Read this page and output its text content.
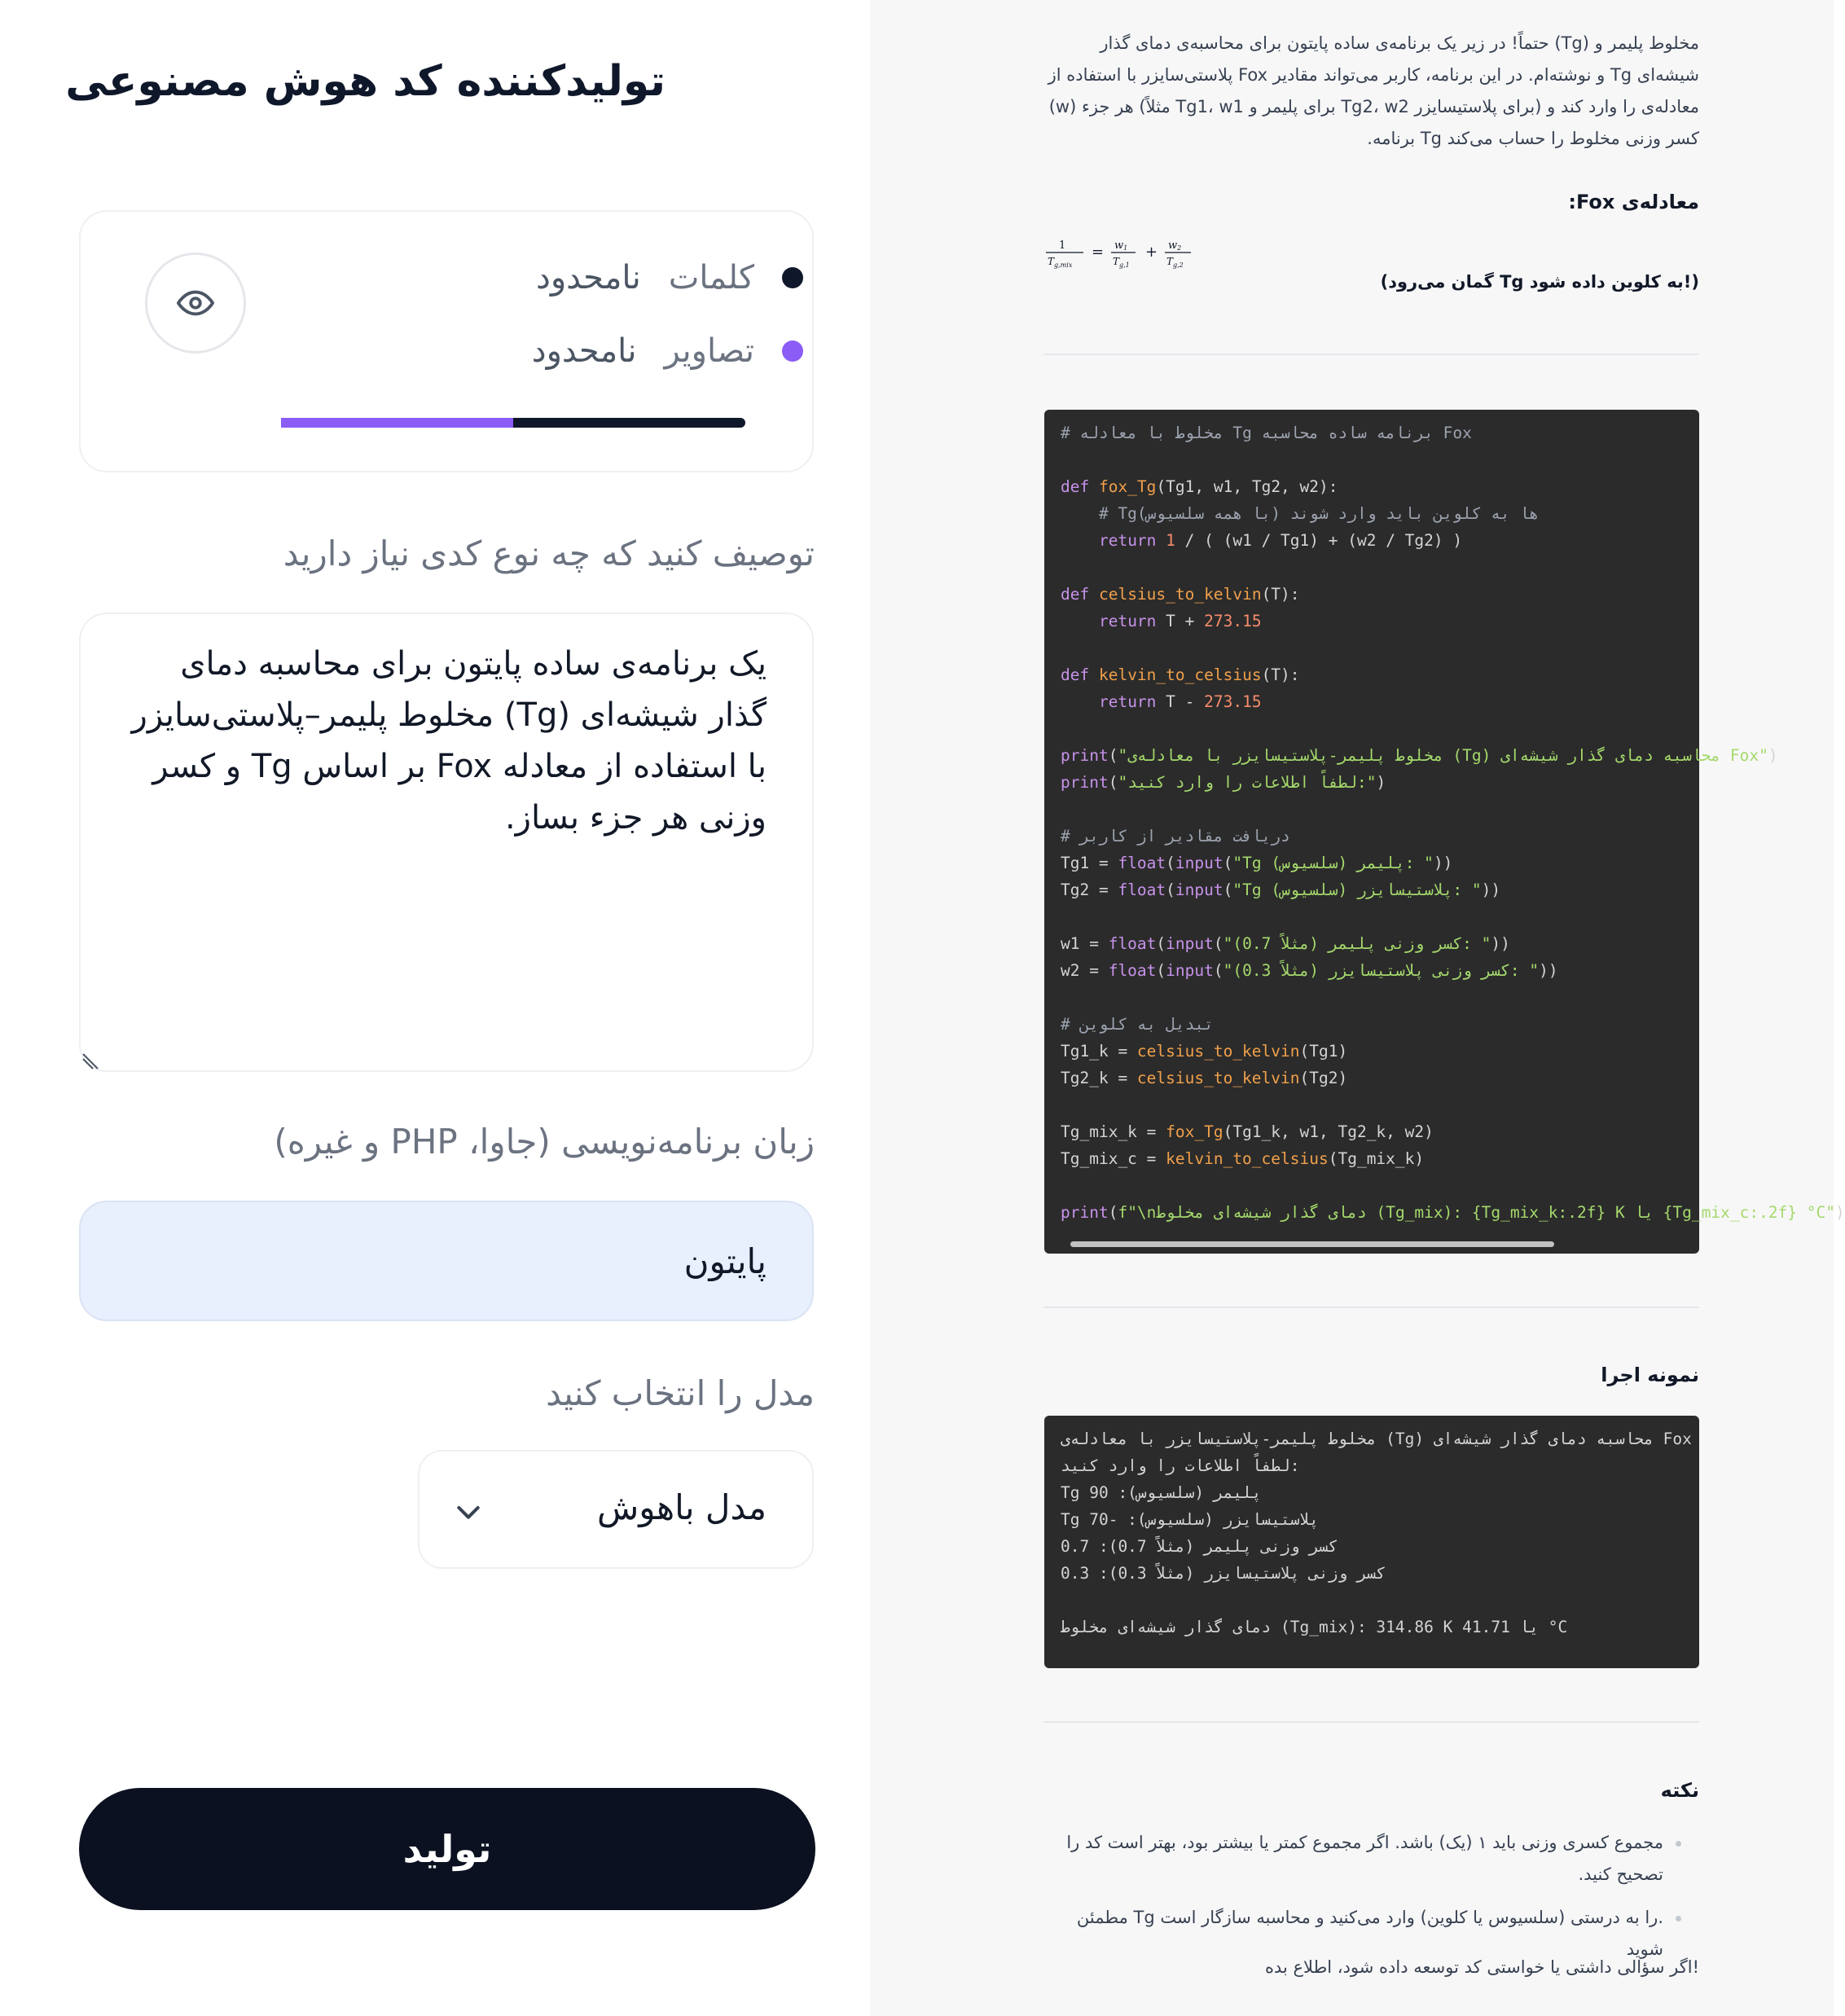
تولیدکننده کد هوش مصنوعی
کلمات
نامحدود
تصاویر
نامحدود
توصیف کنید که چه نوع کدی نیاز دارید
یک برنامه‌ی ساده پایتون برای محاسبه دمای گذار شیشه‌ای (Tg) مخلوط پلیمر–پلاستی‌سایزر با استفاده از معادله Fox بر اساس Tg و کسر وزنی هر جزء بساز.
زبان برنامه‌نویسی (جاوا، PHP و غیره)
پایتون
مدل را انتخاب کنید
مدل باهوش
تولید
مخلوط پلیمر و (Tg) حتماً! در زیر یک برنامه‌ی ساده پایتون برای محاسبه‌ی دمای گذار شیشه‌ای Tg و نوشته‌ام. در این برنامه، کاربر می‌تواند مقادیر Fox پلاستی‌سایزر با استفاده از معادله‌ی را وارد کند و (برای پلاستیسایزر Tg2، w2 برای پلیمر و Tg1، w1 مثلاً) هر جزء (w) کسر وزنی مخلوط را حساب می‌کند Tg برنامه.
معادله‌ی Fox:
1
$T_{g,mix}$
= w1
$T_{g,1}$
+ w2
$T_{g,2}$
(!به کلوین داده شود Tg گمان می‌رود)
# مخلوط با معادله Tg برنامه ساده محاسبه Fox
def fox_Tg(Tg1, w1, Tg2, w2):
# Tg(ها به کلوین باید وارد شوند (با همه سلسیوس
return 1 / ( (w1 / Tg1) + (w2 / Tg2) )
def celsius_to_kelvin(T):
return T + 273.15
def kelvin_to_celsius(T):
return T - 273.15
print("مخلوط پلیمر-پلاستیسایزر با معادله‌ی (Tg) محاسبه دمای گذار شیشه‌ای Fox"
print("لطفاً اطلاعات را وارد کنید:")
# دریافت مقادیر از کاربر
Tg1 = float(input("Tg (سلسیوس) پلیمر: "))
Tg2 = float(input("Tg (سلسیوس) پلاستیسایزر: "))
w1 = float(input("(0.7 مثلاً) کسر وزنی پلیمر: "))
w2 = float(input("(0.3 مثلاً) کسر وزنی پلاستیسایزر: "))
# تبدیل به کلوین
Tg1_k = celsius_to_kelvin(Tg1)
Tg2_k = celsius_to_kelvin(Tg2)
Tg_mix_k = fox_Tg(Tg1_k, w1, Tg2_k, w2)
Tg_mix_c = kelvin_to_celsius(Tg_mix_k)
print(f"\nدمای گذار شیشه‌ای مخلوط (Tg_mix): {Tg_mix_k:.2f} K یا {Tg_mix_c:.2f} °C")
نمونه اجرا
مخلوط پلیمر-پلاستیسایزر با معادله‌ی (Tg) محاسبه دمای گذار شیشه‌ای Fox
لطفاً اطلاعات را وارد کنید:
Tg 90 :(سلسیوس) پلیمر
Tg 70- :(سلسیوس) پلاستیسایزر
0.7 :(0.7 مثلاً) کسر وزنی پلیمر
0.3 :(0.3 مثلاً) کسر وزنی پلاستیسایزر
دمای گذار شیشه‌ای مخلوط (Tg_mix): 314.86 K یا 41.71 °C
نکته
مجموع کسری وزنی باید ۱ (یک) باشد. اگر مجموع کمتر یا بیشتر بود، بهتر است کد را تصحیح کنید.
.را به درستی (سلسیوس یا کلوین) وارد می‌کنید و محاسبه سازگار است Tg مطمئن شوید
!اگر سؤالی داشتی یا خواستی کد توسعه داده شود، اطلاع بده
